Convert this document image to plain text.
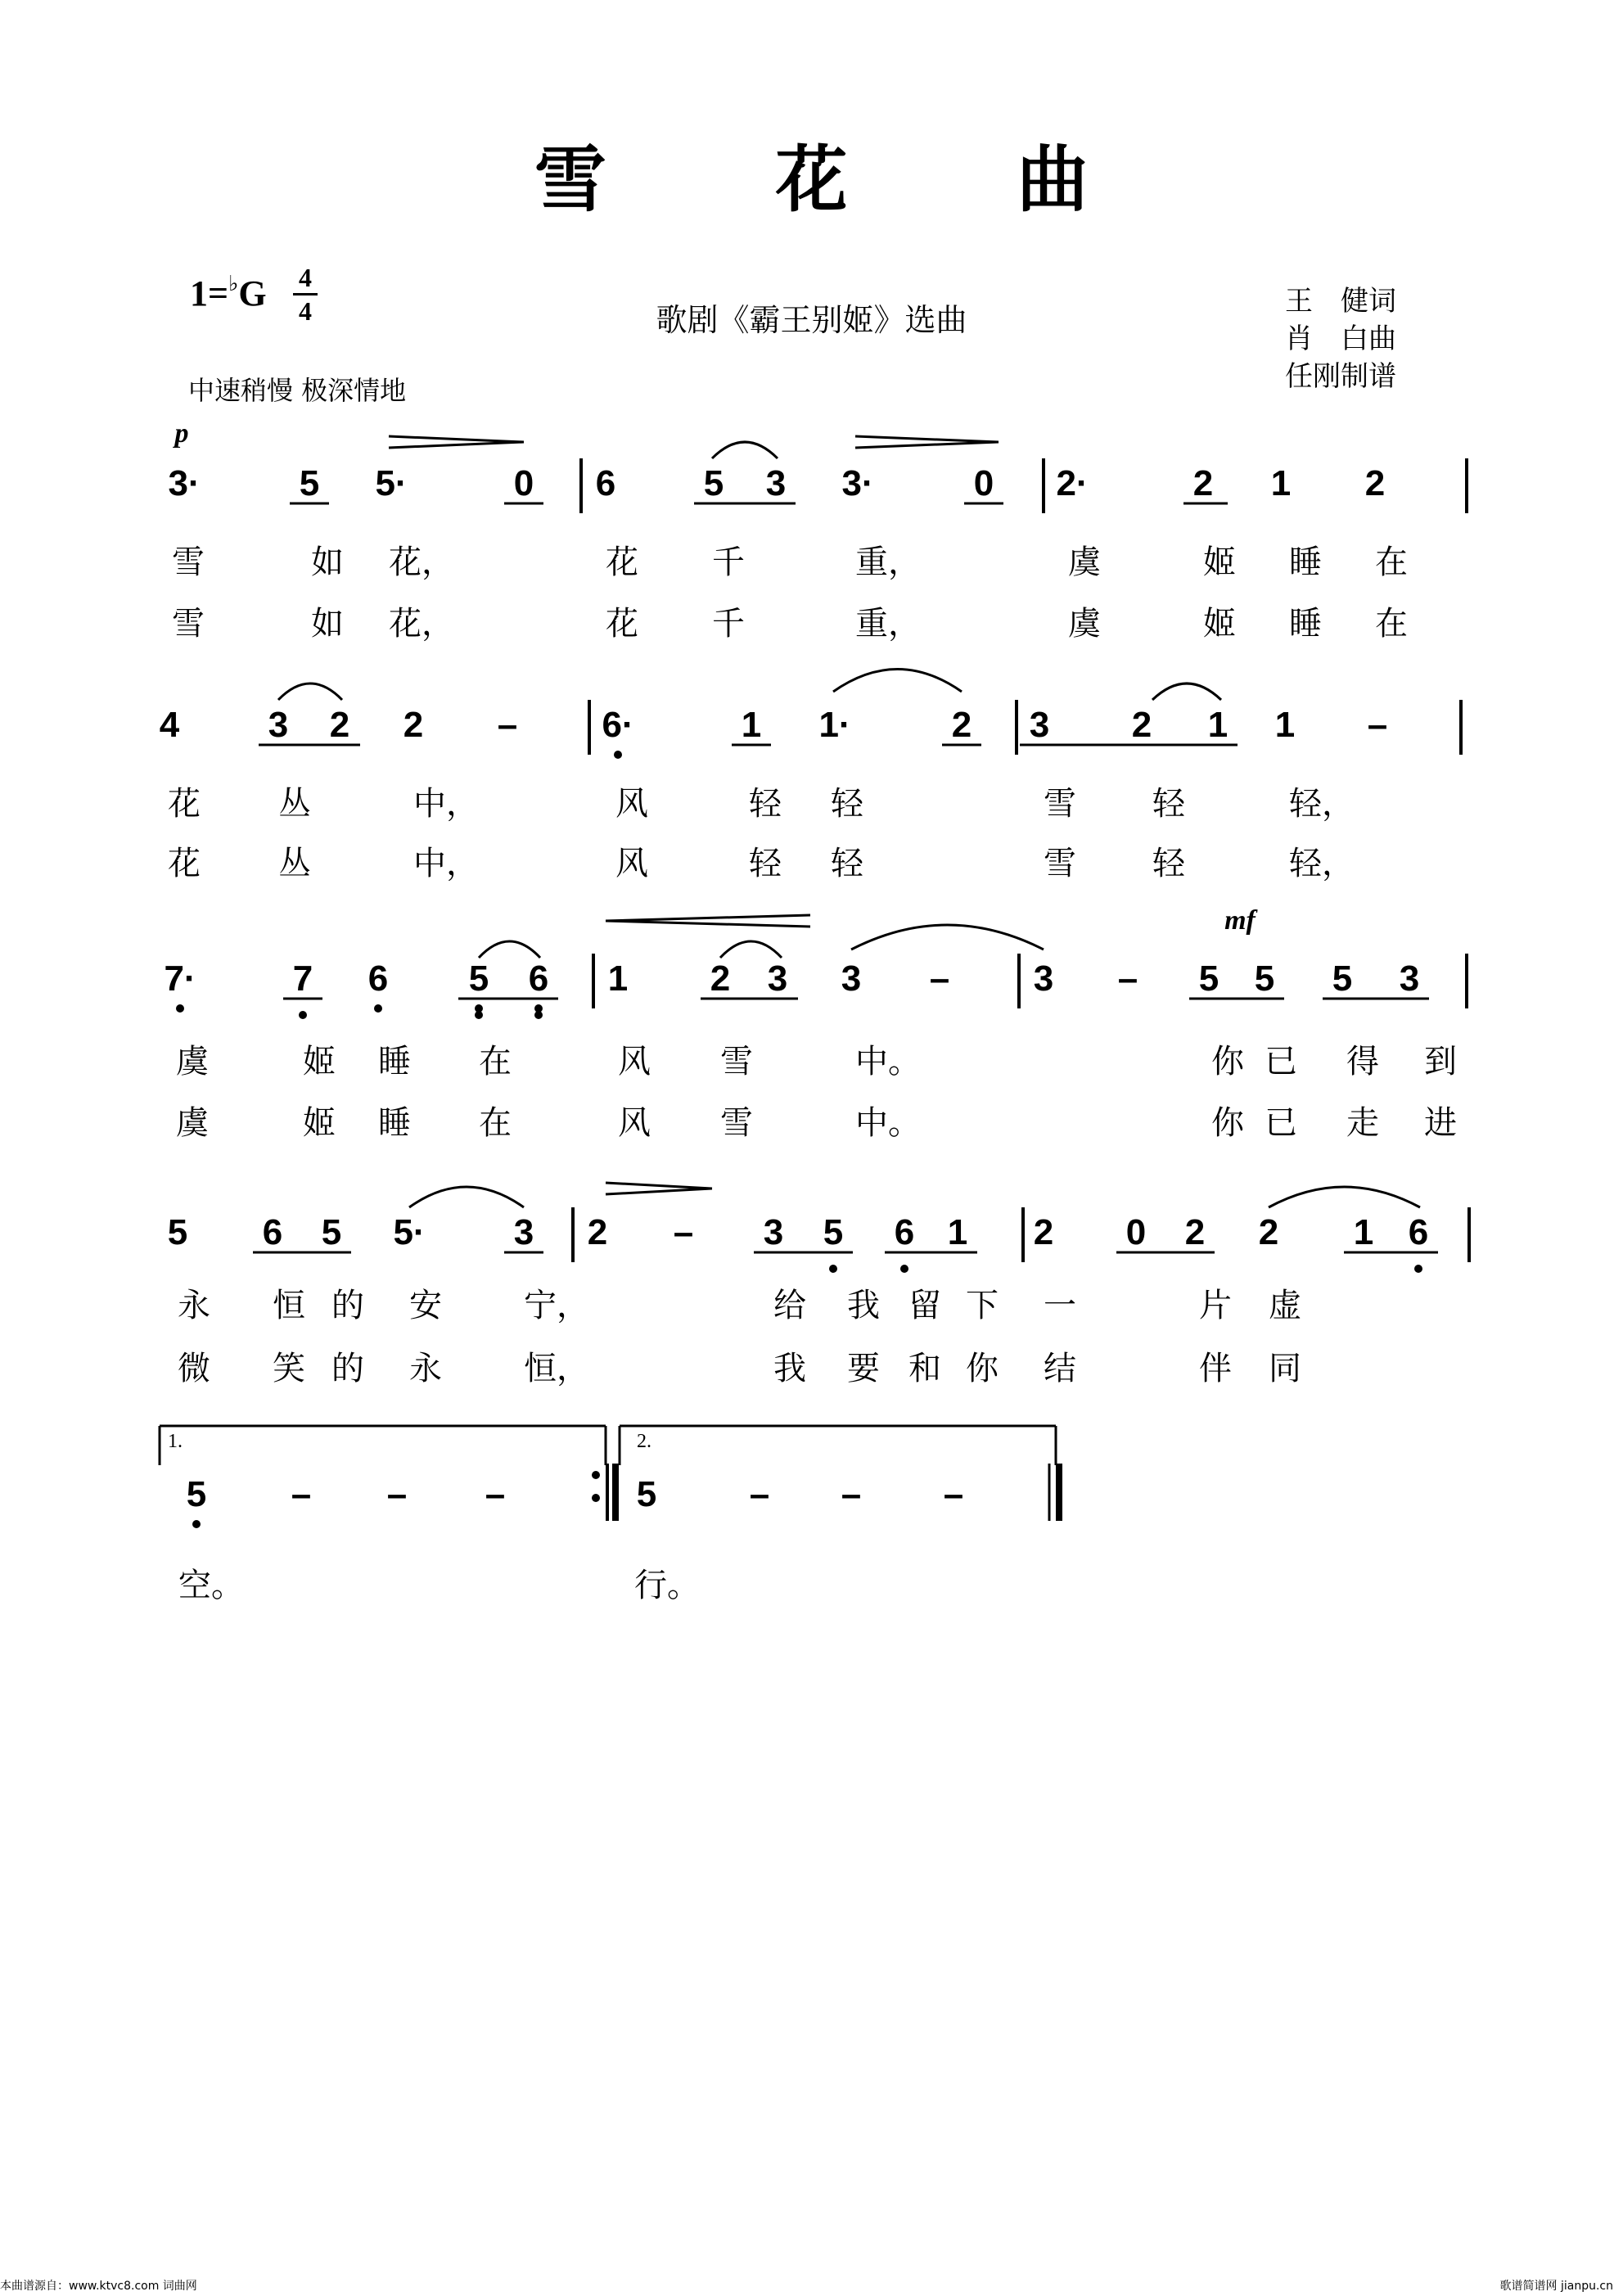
雪 花 曲
1=♭G 4
4	歌剧《霸王别姬》选曲
王　健词
肖　白曲
任刚制谱
中速稍慢 极深情地
3·	5 5·	0 6 5 3 3·	0 2·	2 1 2
雪	如 花，	花 千	重，	虞	姬 睡 在
雪	如 花，	花 千	重，	虞	姬 睡 在
4 3 2 2 – 6·	1 1·	2 3 2 1 1 –
花 丛	中，	风	轻 轻	雪 轻	轻，
花 丛	中，	风	轻 轻	雪 轻	轻，
7·	7 6 5 6 1 2 3 3 – 3 – 5 5 5 3
虞	姬 睡 在	风 雪	中。	你 已 得 到
虞	姬 睡 在	风 雪	中。	你 已 走 进
5 6 5 5· 3 2 – 3 5 6 1 2 0 2 2 1 6
永 恒 的 安	宁，	给 我 留 下 一	片 虚
微 笑 的 永	恒，	我 要 和 你 结	伴 同
p
mf
5 – – –	5	– – –
1.	2.
空。	行。
本曲谱源自：www.ktvc8.com 词曲网	歌谱简谱网 jianpu.cn
